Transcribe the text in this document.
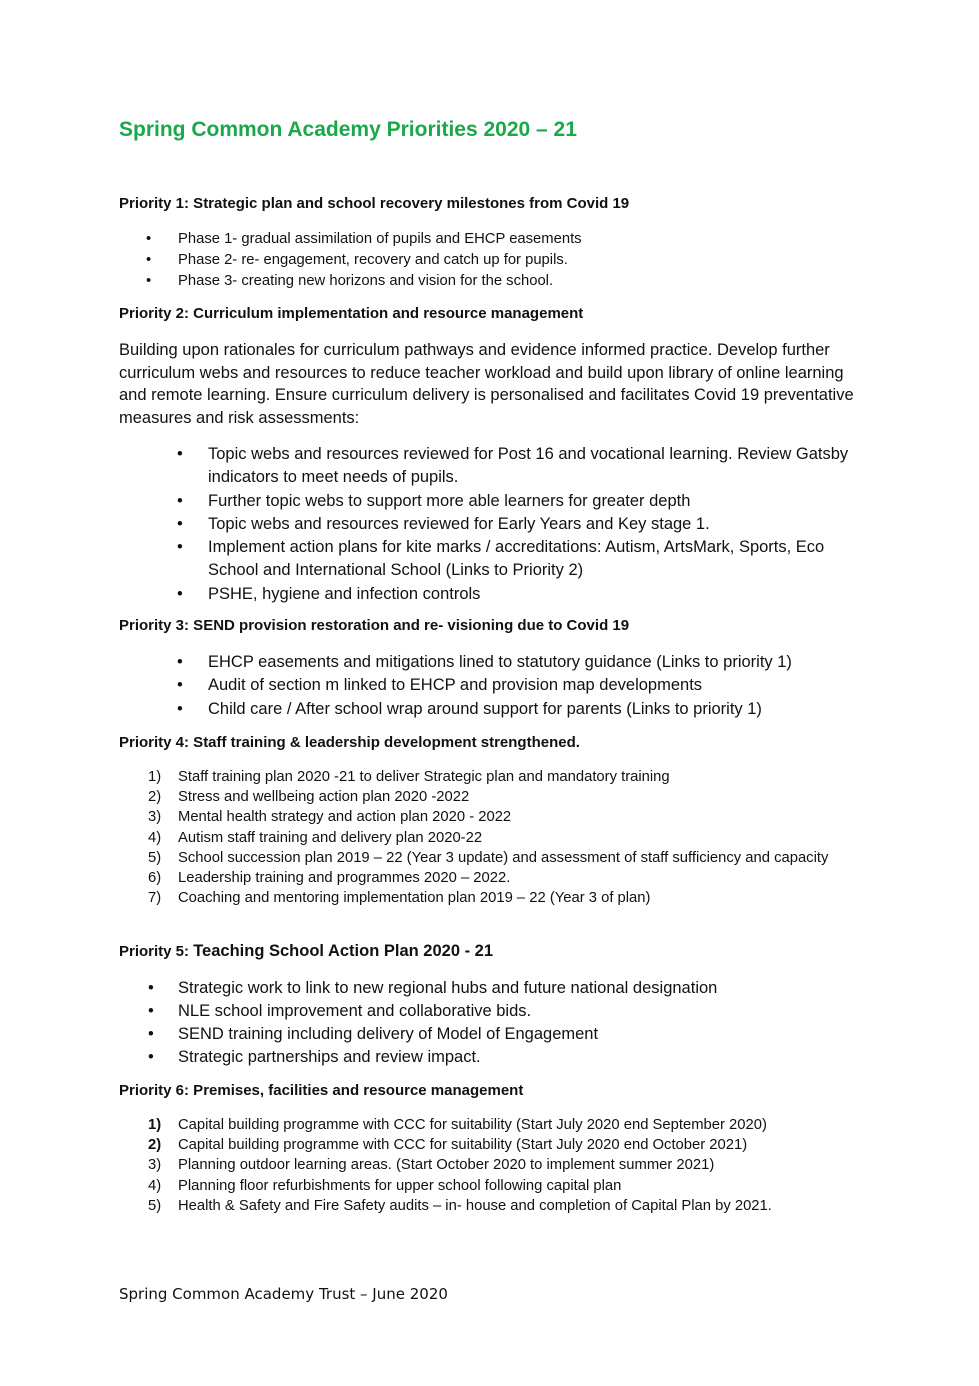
Spring Common Academy Priorities 2020 – 21
Priority 1: Strategic plan and school recovery milestones from Covid 19
• Phase 1- gradual assimilation of pupils and EHCP easements
• Phase 2- re- engagement, recovery and catch up for pupils.
• Phase 3- creating new horizons and vision for the school.
Priority 2: Curriculum implementation and resource management
Building upon rationales for curriculum pathways and evidence informed practice. Develop further curriculum webs and resources to reduce teacher workload and build upon library of online learning and remote learning. Ensure curriculum delivery is personalised and facilitates Covid 19 preventative measures and risk assessments:
• Topic webs and resources reviewed for Post 16 and vocational learning. Review Gatsby indicators to meet needs of pupils.
• Further topic webs to support more able learners for greater depth
• Topic webs and resources reviewed for Early Years and Key stage 1.
• Implement action plans for kite marks / accreditations: Autism, ArtsMark, Sports, Eco School and International School (Links to Priority 2)
• PSHE, hygiene and infection controls
Priority 3: SEND provision restoration and re- visioning due to Covid 19
• EHCP easements and mitigations lined to statutory guidance (Links to priority 1)
• Audit of section m linked to EHCP and provision map developments
• Child care / After school wrap around support for parents (Links to priority 1)
Priority 4: Staff training & leadership development strengthened.
1) Staff training plan 2020 -21 to deliver Strategic plan and mandatory training
2) Stress and wellbeing action plan 2020 -2022
3) Mental health strategy and action plan 2020 - 2022
4) Autism staff training and delivery plan 2020-22
5) School succession plan 2019 – 22 (Year 3 update) and assessment of staff sufficiency and capacity
6) Leadership training and programmes 2020 – 2022.
7) Coaching and mentoring implementation plan 2019 – 22 (Year 3 of plan)
Priority 5: Teaching School Action Plan 2020 - 21
• Strategic work to link to new regional hubs and future national designation
• NLE school improvement and collaborative bids.
• SEND training including delivery of Model of Engagement
• Strategic partnerships and review impact.
Priority 6: Premises, facilities and resource management
1) Capital building programme with CCC for suitability (Start July 2020 end September 2020)
2) Capital building programme with CCC for suitability (Start July 2020 end October 2021)
3) Planning outdoor learning areas. (Start October 2020 to implement summer 2021)
4) Planning floor refurbishments for upper school following capital plan
5) Health & Safety and Fire Safety audits – in- house and completion of Capital Plan by 2021.
Spring Common Academy Trust – June 2020
